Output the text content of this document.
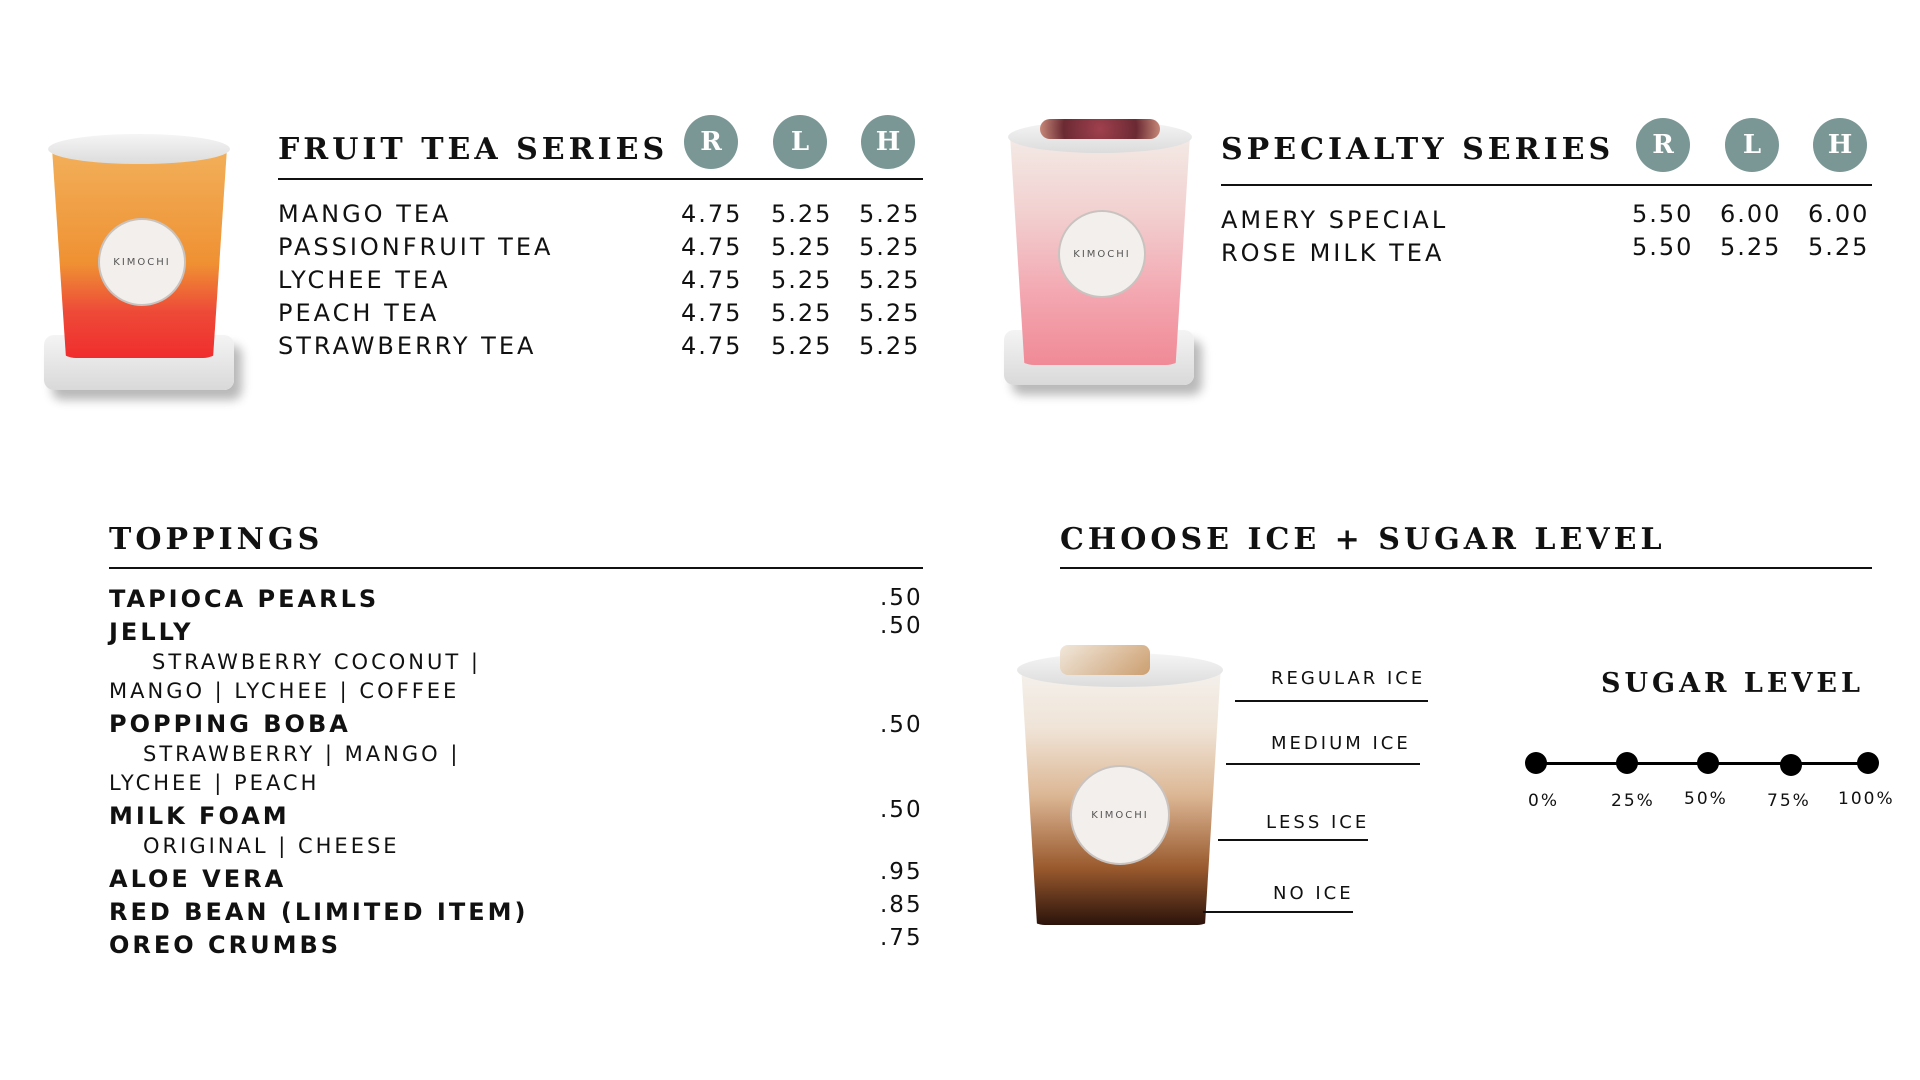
KIMOCHI
FRUIT TEA SERIES	R	L	H
MANGO TEA	4.75 5.25 5.25
PASSIONFRUIT TEA	4.75 5.25 5.25
LYCHEE TEA	4.75 5.25 5.25
PEACH TEA	4.75 5.25 5.25
STRAWBERRY TEA	4.75 5.25 5.25
KIMOCHI
SPECIALTY SERIES	R	L	H
AMERY SPECIAL	5.50 6.00 6.00
ROSE MILK TEA	5.50 5.25 5.25
TOPPINGS
TAPIOCA PEARLS	.50
JELLY	.50
STRAWBERRY COCONUT |
MANGO | LYCHEE | COFFEE
POPPING BOBA	.50
STRAWBERRY | MANGO |
LYCHEE | PEACH
MILK FOAM	.50
ORIGINAL | CHEESE
ALOE VERA	.95
RED BEAN (LIMITED ITEM)	.85
OREO CRUMBS	.75
CHOOSE ICE + SUGAR LEVEL
KIMOCHI
REGULAR ICE
MEDIUM ICE
LESS ICE
NO ICE
SUGAR LEVEL
0%	25% 50% 75% 100%
